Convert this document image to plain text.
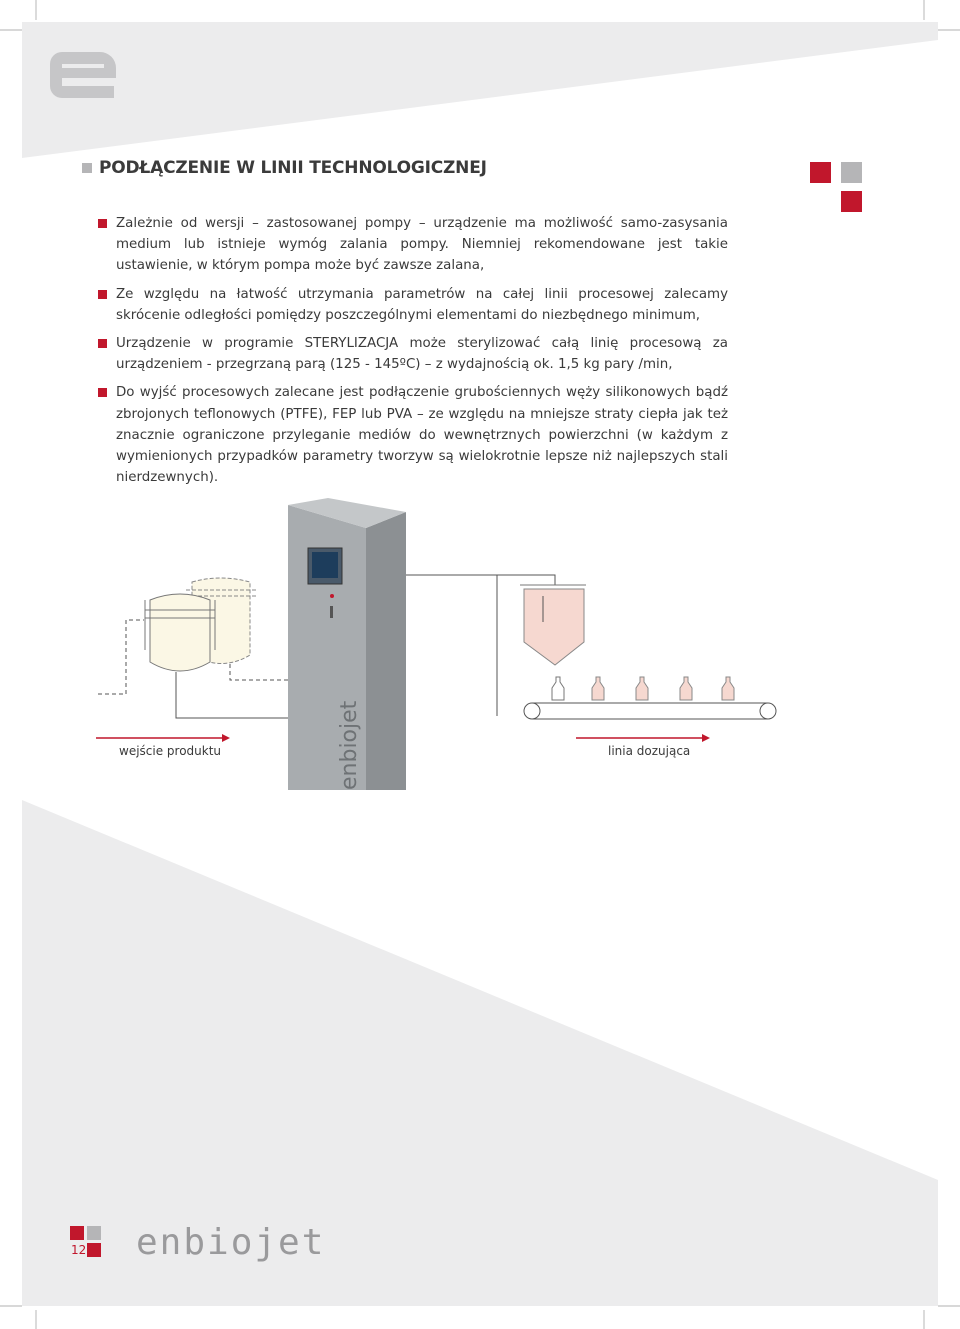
PODŁĄCZENIE W LINII TECHNOLOGICZNEJ

Zależnie od wersji – zastosowanej pompy – urządzenie ma możliwość samo-zasysania medium lub istnieje wymóg zalania pompy. Niemniej rekomendowane jest takie ustawienie, w którym pompa może być zawsze zalana,

Ze względu na łatwość utrzymania parametrów na całej linii procesowej zalecamy skrócenie odległości pomiędzy poszczególnymi elementami do niezbędnego minimum,

Urządzenie w programie STERYLIZACJA może sterylizować całą linię procesową za urządzeniem - przegrzaną parą (125 - 145ºC) – z wydajnością ok. 1,5 kg pary /min,

Do wyjść procesowych zalecane jest podłączenie grubościennych węży silikonowych bądź zbrojonych teflonowych (PTFE), FEP lub PVA – ze względu na mniejsze straty ciepła jak też znacznie ograniczone przyleganie mediów do wewnętrznych powierzchni (w każdym z wymienionych przypadków parametry tworzyw są wielokrotnie lepsze niż najlepszych stali nierdzewnych).

enbiojet
wejście produktu	linia dozująca
12 enbiojet
